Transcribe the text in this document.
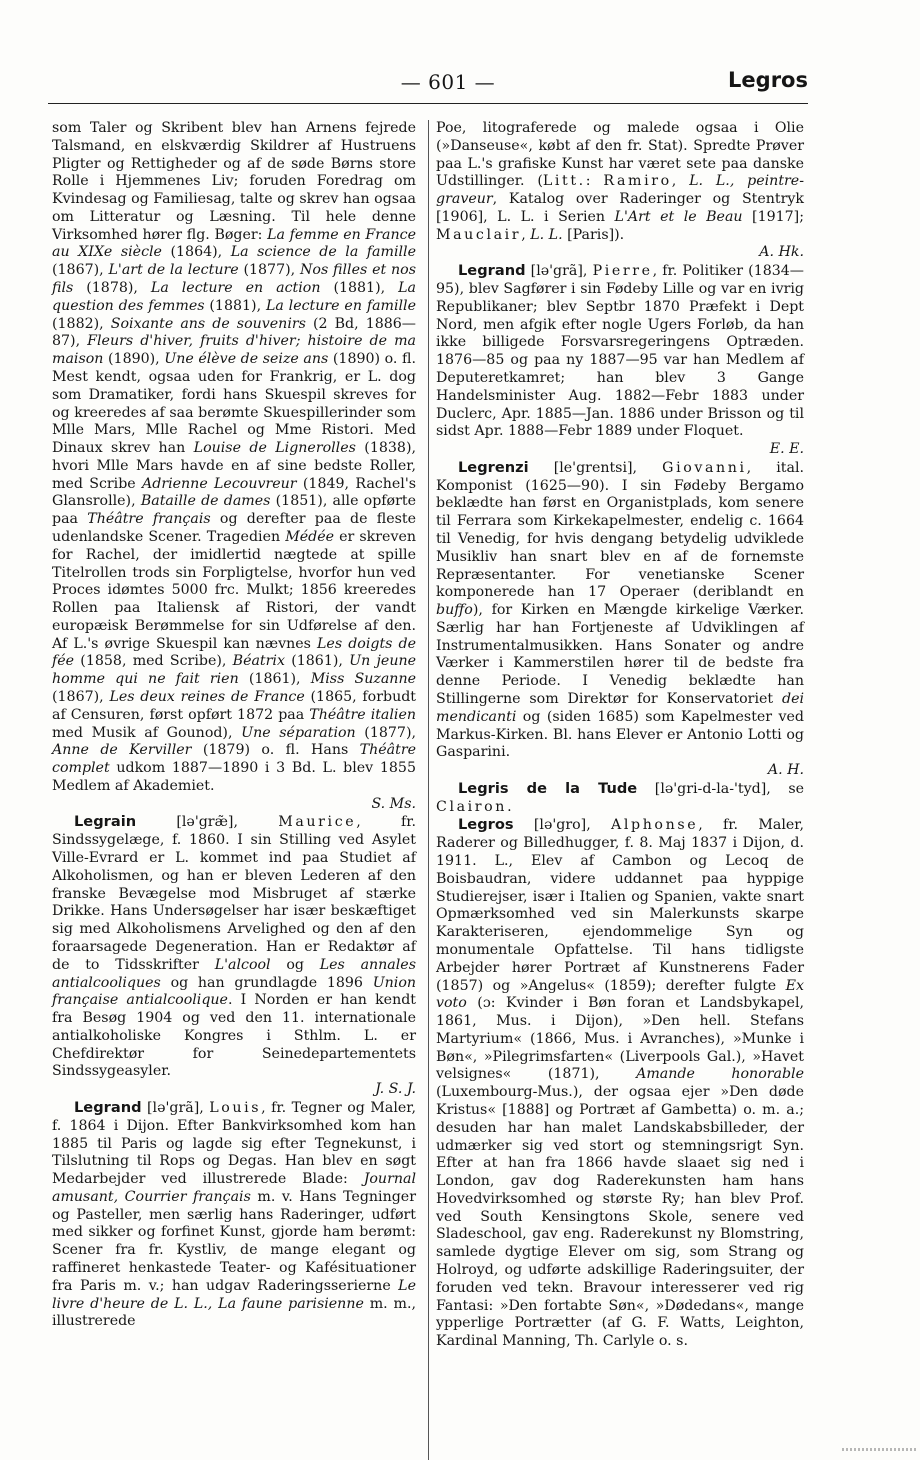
— 601 —	Legros

som Taler og Skribent blev han Arnens fejrede Talsmand, en elskværdig Skildrer af Hustruens Pligter og Rettigheder og af de søde Børns store Rolle i Hjemmenes Liv; foruden Foredrag om Kvindesag og Familiesag, talte og skrev han ogsaa om Litteratur og Læsning. Til hele denne Virksomhed hører flg. Bøger: La femme en France au XIXe siècle (1864), La science de la famille (1867), L'art de la lecture (1877), Nos filles et nos fils (1878), La lecture en action (1881), La question des femmes (1881), La lecture en famille (1882), Soixante ans de souvenirs (2 Bd, 1886—87), Fleurs d'hiver, fruits d'hiver; histoire de ma maison (1890), Une élève de seize ans (1890) o. fl. Mest kendt, ogsaa uden for Frankrig, er L. dog som Dramatiker, fordi hans Skuespil skreves for og kreeredes af saa berømte Skuespillerinder som Mlle Mars, Mlle Rachel og Mme Ristori. Med Dinaux skrev han Louise de Lignerolles (1838), hvori Mlle Mars havde en af sine bedste Roller, med Scribe Adrienne Lecouvreur (1849, Rachel's Glansrolle), Bataille de dames (1851), alle opførte paa Théâtre français og derefter paa de fleste udenlandske Scener. Tragedien Médée er skreven for Rachel, der imidlertid nægtede at spille Titelrollen trods sin Forpligtelse, hvorfor hun ved Proces idømtes 5000 frc. Mulkt; 1856 kreeredes Rollen paa Italiensk af Ristori, der vandt europæisk Berømmelse for sin Udførelse af den. Af L.'s øvrige Skuespil kan nævnes Les doigts de fée (1858, med Scribe), Béatrix (1861), Un jeune homme qui ne fait rien (1861), Miss Suzanne (1867), Les deux reines de France (1865, forbudt af Censuren, først opført 1872 paa Théâtre italien med Musik af Gounod), Une séparation (1877), Anne de Kerviller (1879) o. fl. Hans Théâtre complet udkom 1887—1890 i 3 Bd. L. blev 1855 Medlem af Akademiet.
S. Ms.

Legrain [lə'græ̃], Maurice, fr. Sindssygelæge, f. 1860. I sin Stilling ved Asylet Ville-Evrard er L. kommet ind paa Studiet af Alkoholismen, og han er bleven Lederen af den franske Bevægelse mod Misbruget af stærke Drikke. Hans Undersøgelser har især beskæftiget sig med Alkoholismens Arvelighed og den af den foraarsagede Degeneration. Han er Redaktør af de to Tidsskrifter L'alcool og Les annales antialcooliques og han grundlagde 1896 Union française antialcoolique. I Norden er han kendt fra Besøg 1904 og ved den 11. internationale antialkoholiske Kongres i Sthlm. L. er Chefdirektør for Seinedepartementets Sindssygeasyler.
J. S. J.

Legrand [lə'grã], Louis, fr. Tegner og Maler, f. 1864 i Dijon. Efter Bankvirksomhed kom han 1885 til Paris og lagde sig efter Tegnekunst, i Tilslutning til Rops og Degas. Han blev en søgt Medarbejder ved illustrerede Blade: Journal amusant, Courrier français m. v. Hans Tegninger og Pasteller, men særlig hans Raderinger, udført med sikker og forfinet Kunst, gjorde ham berømt: Scener fra fr. Kystliv, de mange elegant og raffineret henkastede Teater- og Kafésituationer fra Paris m. v.; han udgav Raderingsserierne Le livre d'heure de L. L., La faune parisienne m. m., illustrerede

Poe, litograferede og malede ogsaa i Olie (»Danseuse«, købt af den fr. Stat). Spredte Prøver paa L.'s grafiske Kunst har været sete paa danske Udstillinger. (Litt.: Ramiro, L. L., peintre-graveur, Katalog over Raderinger og Stentryk [1906], L. L. i Serien L'Art et le Beau [1917]; Mauclair, L. L. [Paris]).
A. Hk.

Legrand [lə'grã], Pierre, fr. Politiker (1834—95), blev Sagfører i sin Fødeby Lille og var en ivrig Republikaner; blev Septbr 1870 Præfekt i Dept Nord, men afgik efter nogle Ugers Forløb, da han ikke billigede Forsvarsregeringens Optræden. 1876—85 og paa ny 1887—95 var han Medlem af Deputeretkamret; han blev 3 Gange Handelsminister Aug. 1882—Febr 1883 under Duclerc, Apr. 1885—Jan. 1886 under Brisson og til sidst Apr. 1888—Febr 1889 under Floquet.
E. E.

Legrenzi [le'grentsi], Giovanni, ital. Komponist (1625—90). I sin Fødeby Bergamo beklædte han først en Organistplads, kom senere til Ferrara som Kirkekapelmester, endelig c. 1664 til Venedig, for hvis dengang betydelig udviklede Musikliv han snart blev en af de fornemste Repræsentanter. For venetianske Scener komponerede han 17 Operaer (deriblandt en buffo), for Kirken en Mængde kirkelige Værker. Særlig har han Fortjeneste af Udviklingen af Instrumentalmusikken. Hans Sonater og andre Værker i Kammerstilen hører til de bedste fra denne Periode. I Venedig beklædte han Stillingerne som Direktør for Konservatoriet dei mendicanti og (siden 1685) som Kapelmester ved Markus-Kirken. Bl. hans Elever er Antonio Lotti og Gasparini.
A. H.

Legris de la Tude [lə'gri-d-la-'tyd], se Clairon.

Legros [lə'gro], Alphonse, fr. Maler, Raderer og Billedhugger, f. 8. Maj 1837 i Dijon, d. 1911. L., Elev af Cambon og Lecoq de Boisbaudran, videre uddannet paa hyppige Studierejser, især i Italien og Spanien, vakte snart Opmærksomhed ved sin Malerkunsts skarpe Karakteriseren, ejendommelige Syn og monumentale Opfattelse. Til hans tidligste Arbejder hører Portræt af Kunstnerens Fader (1857) og »Angelus« (1859); derefter fulgte Ex voto (ɔ: Kvinder i Bøn foran et Landsbykapel, 1861, Mus. i Dijon), »Den hell. Stefans Martyrium« (1866, Mus. i Avranches), »Munke i Bøn«, »Pilegrimsfarten« (Liverpools Gal.), »Havet velsignes« (1871), Amande honorable (Luxembourg-Mus.), der ogsaa ejer »Den døde Kristus« [1888] og Portræt af Gambetta) o. m. a.; desuden har han malet Landskabsbilleder, der udmærker sig ved stort og stemningsrigt Syn. Efter at han fra 1866 havde slaaet sig ned i London, gav dog Raderekunsten ham hans Hovedvirksomhed og største Ry; han blev Prof. ved South Kensingtons Skole, senere ved Sladeschool, gav eng. Raderekunst ny Blomstring, samlede dygtige Elever om sig, som Strang og Holroyd, og udførte adskillige Raderingsuiter, der foruden ved tekn. Bravour interesserer ved rig Fantasi: »Den fortabte Søn«, »Dødedans«, mange ypperlige Portrætter (af G. F. Watts, Leighton, Kardinal Manning, Th. Carlyle o. s.
